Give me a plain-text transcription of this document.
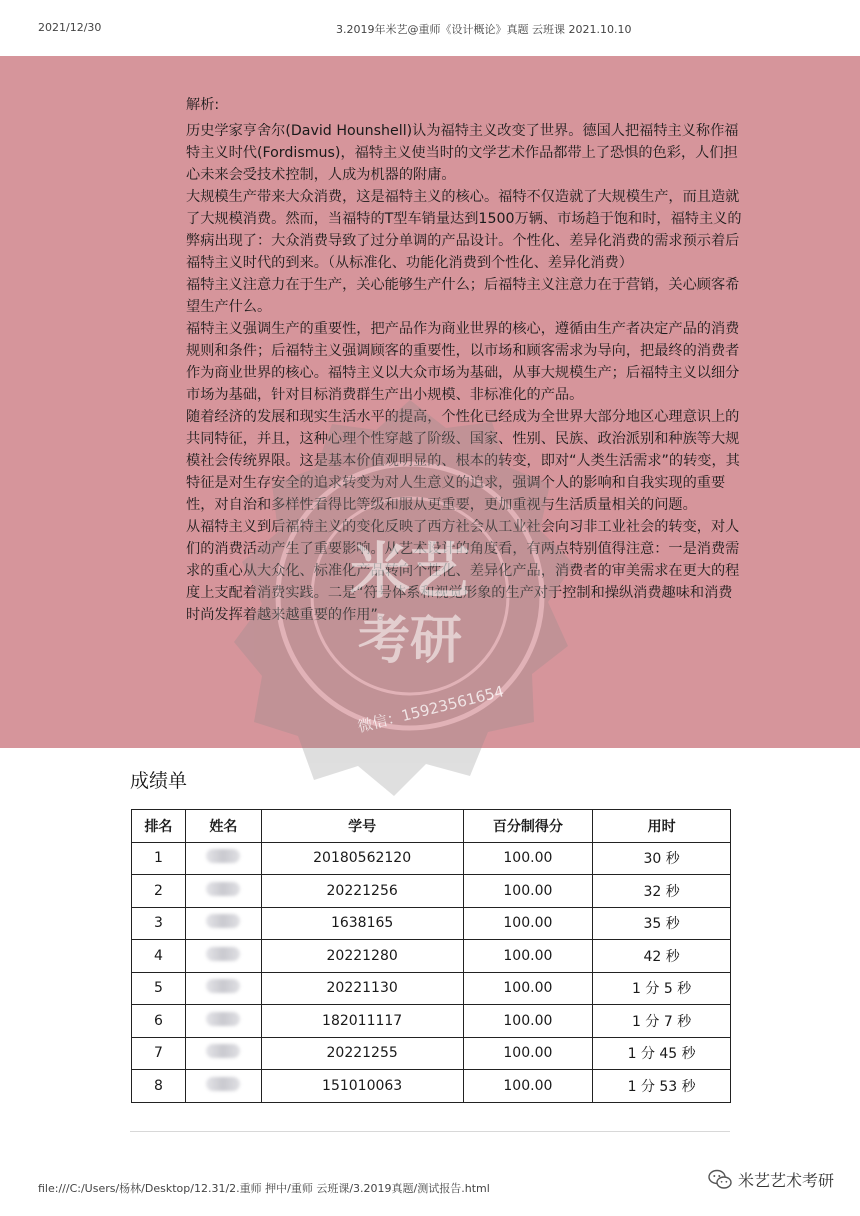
2021/12/30	3.2019年米艺@重师《设计概论》真题 云班课 2021.10.10

解析:

历史学家亨舍尔(David Hounshell)认为福特主义改变了世界。德国人把福特主义称作福特主义时代(Fordismus)，福特主义使当时的文学艺术作品都带上了恐惧的色彩，人们担心未来会受技术控制，人成为机器的附庸。

大规模生产带来大众消费，这是福特主义的核心。福特不仅造就了大规模生产，而且造就了大规模消费。然而，当福特的T型车销量达到1500万辆、市场趋于饱和时，福特主义的弊病出现了：大众消费导致了过分单调的产品设计。个性化、差异化消费的需求预示着后福特主义时代的到来。（从标准化、功能化消费到个性化、差异化消费）

福特主义注意力在于生产，关心能够生产什么；后福特主义注意力在于营销，关心顾客希望生产什么。

福特主义强调生产的重要性，把产品作为商业世界的核心，遵循由生产者决定产品的消费规则和条件；后福特主义强调顾客的重要性，以市场和顾客需求为导向，把最终的消费者作为商业世界的核心。福特主义以大众市场为基础，从事大规模生产；后福特主义以细分市场为基础，针对目标消费群生产出小规模、非标准化的产品。

随着经济的发展和现实生活水平的提高，个性化已经成为全世界大部分地区心理意识上的共同特征，并且，这种心理个性穿越了阶级、国家、性别、民族、政治派别和种族等大规模社会传统界限。这是基本价值观明显的、根本的转变，即对“人类生活需求”的转变，其特征是对生存安全的追求转变为对人生意义的追求，强调个人的影响和自我实现的重要性，对自治和多样性看得比等级和服从更重要，更加重视与生活质量相关的问题。

从福特主义到后福特主义的变化反映了西方社会从工业社会向习非工业社会的转变，对人们的消费活动产生了重要影响。从艺术设计的角度看，有两点特别值得注意：一是消费需求的重心从大众化、标准化产品转向个性化、差异化产品，消费者的审美需求在更大的程度上支配着消费实践。二是“符号体系和视觉形象的生产对于控制和操纵消费趣味和消费时尚发挥着越来越重要的作用”。

米艺
考研
微信：15923561654
成绩单
排名	姓名	学号	百分制得分	用时
1		20180562120	100.00	30 秒
2		20221256	100.00	32 秒
3		1638165	100.00	35 秒
4		20221280	100.00	42 秒
5		20221130	100.00	1 分 5 秒
6		182011117	100.00	1 分 7 秒
7		20221255	100.00	1 分 45 秒
8		151010063	100.00	1 分 53 秒
file:///C:/Users/杨林/Desktop/12.31/2.重师 押中/重师 云班课/3.2019真题/测试报告.html	米艺艺术考研
